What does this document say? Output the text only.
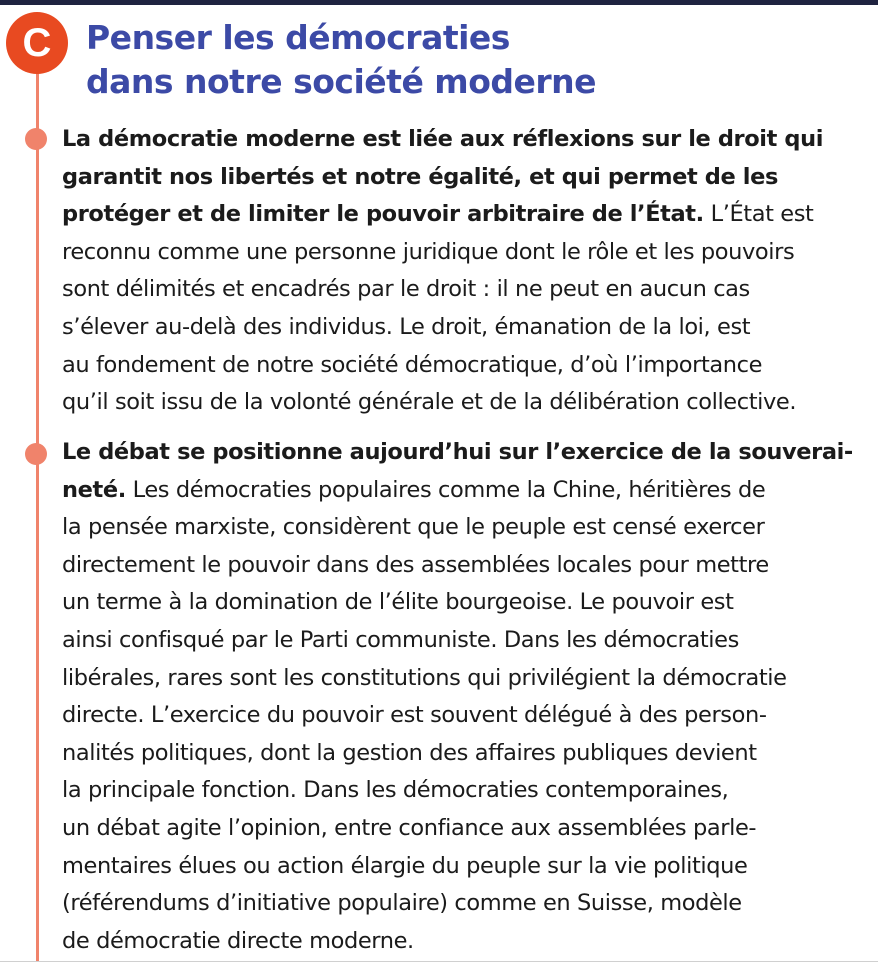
C	Penser les démocraties
dans notre société moderne

La démocratie moderne est liée aux réflexions sur le droit qui
garantit nos libertés et notre égalité, et qui permet de les
protéger et de limiter le pouvoir arbitraire de l’État. L’État est
reconnu comme une personne juridique dont le rôle et les pouvoirs
sont délimités et encadrés par le droit : il ne peut en aucun cas
s’élever au-delà des individus. Le droit, émanation de la loi, est
au fondement de notre société démocratique, d’où l’importance
qu’il soit issu de la volonté générale et de la délibération collective.

Le débat se positionne aujourd’hui sur l’exercice de la souverai-
neté. Les démocraties populaires comme la Chine, héritières de
la pensée marxiste, considèrent que le peuple est censé exercer
directement le pouvoir dans des assemblées locales pour mettre
un terme à la domination de l’élite bourgeoise. Le pouvoir est
ainsi confisqué par le Parti communiste. Dans les démocraties
libérales, rares sont les constitutions qui privilégient la démocratie
directe. L’exercice du pouvoir est souvent délégué à des person-
nalités politiques, dont la gestion des affaires publiques devient
la principale fonction. Dans les démocraties contemporaines,
un débat agite l’opinion, entre confiance aux assemblées parle-
mentaires élues ou action élargie du peuple sur la vie politique
(référendums d’initiative populaire) comme en Suisse, modèle
de démocratie directe moderne.
